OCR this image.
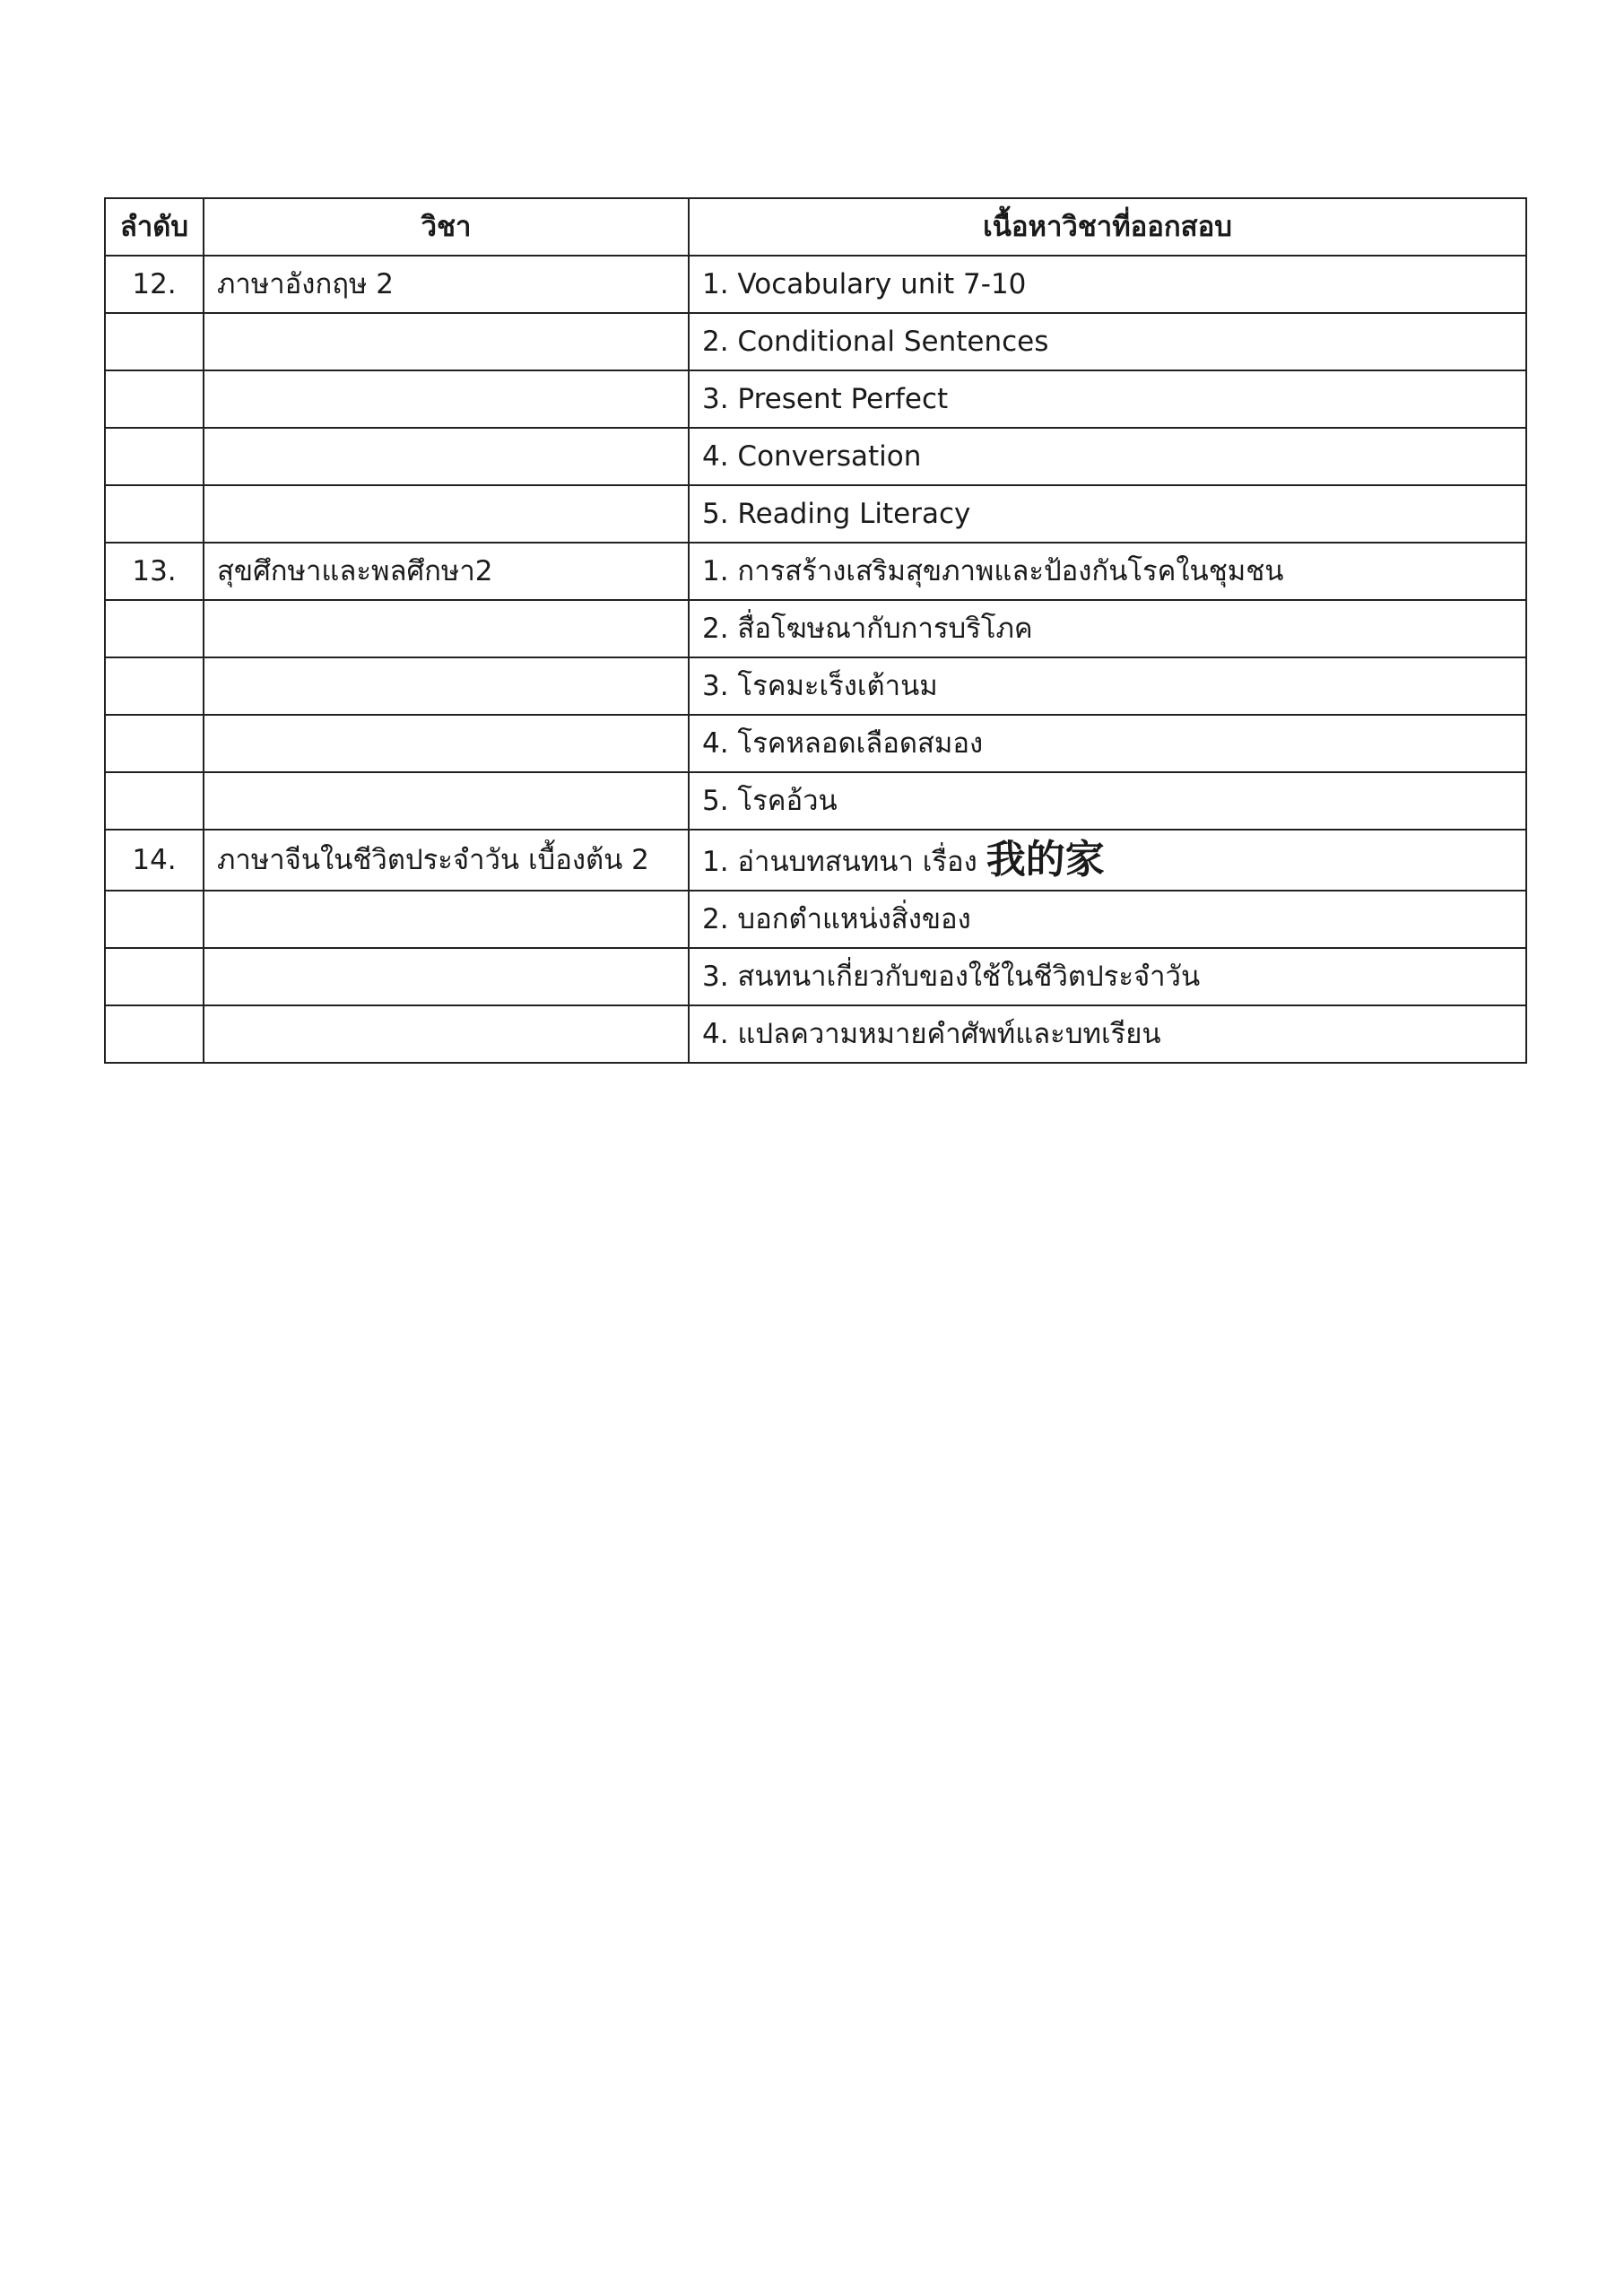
ลำดับ	วิชา	เนื้อหาวิชาที่ออกสอบ
12.	ภาษาอังกฤษ 2	1. Vocabulary unit 7-10
		2. Conditional Sentences
		3. Present Perfect
		4. Conversation
		5. Reading Literacy
13.	สุขศึกษาและพลศึกษา2	1. การสร้างเสริมสุขภาพและป้องกันโรคในชุมชน
		2. สื่อโฆษณากับการบริโภค
		3. โรคมะเร็งเต้านม
		4. โรคหลอดเลือดสมอง
		5. โรคอ้วน
14.	ภาษาจีนในชีวิตประจำวัน เบื้องต้น 2	1. อ่านบทสนทนา เรื่อง 我的家
		2. บอกตำแหน่งสิ่งของ
		3. สนทนาเกี่ยวกับของใช้ในชีวิตประจำวัน
		4. แปลความหมายคำศัพท์และบทเรียน
